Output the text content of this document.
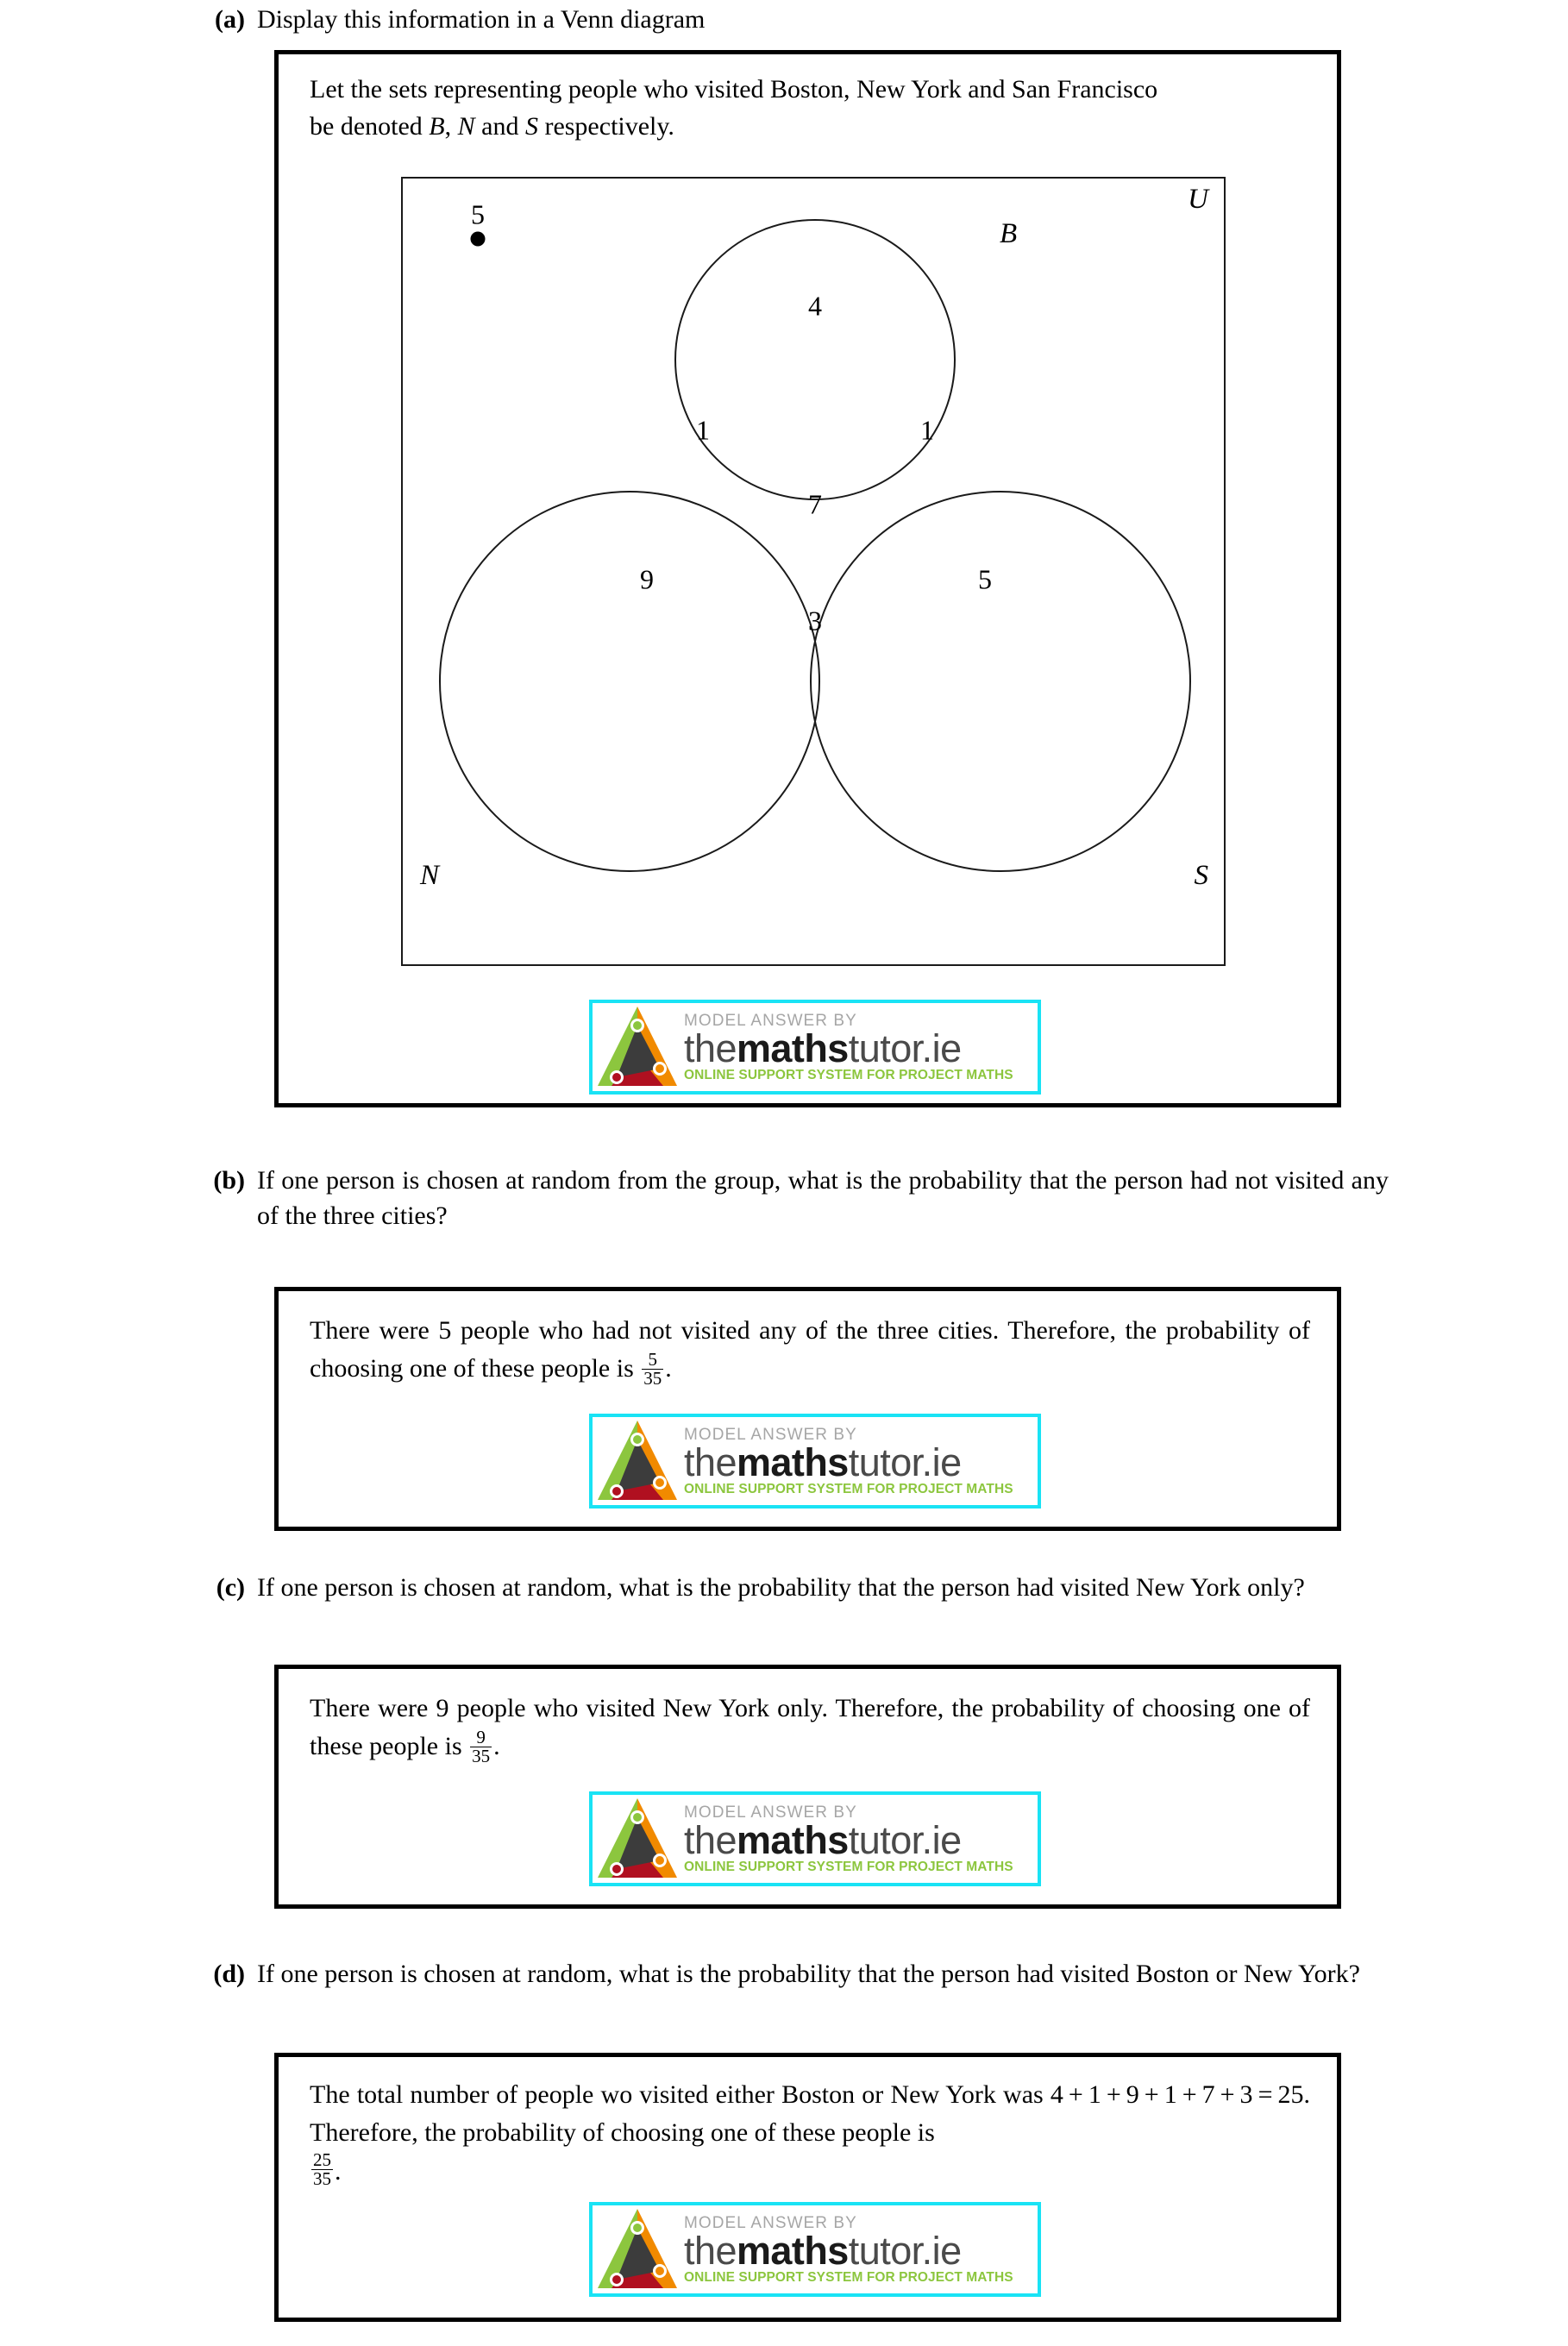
(a) Display this information in a Venn diagram
Let the sets representing people who visited Boston, New York and San Francisco
be denoted B, N and S respectively.
U
B
N	S
5
4
1	1
7
9	5
3
MODEL ANSWER BY
themathstutor.ie
ONLINE SUPPORT SYSTEM FOR PROJECT MATHS
(b) If one person is chosen at random from the group, what is the probability that the person had not visited any of the three cities?
There were 5 people who had not visited any of the three cities. Therefore, the probability of choosing one of these people is $\frac{5}{35}$ .
MODEL ANSWER BY
themathstutor.ie
ONLINE SUPPORT SYSTEM FOR PROJECT MATHS
(c) If one person is chosen at random, what is the probability that the person had visited New York only?
There were 9 people who visited New York only. Therefore, the probability of choosing one of these people is $\frac{9}{35}$ .
MODEL ANSWER BY
themathstutor.ie
ONLINE SUPPORT SYSTEM FOR PROJECT MATHS
(d) If one person is chosen at random, what is the probability that the person had visited Boston or New York?
The total number of people wo visited either Boston or New York was 4 + 1 + 9 + 1 + 7 + 3 = 25. Therefore, the probability of choosing one of these people is

$\frac{25}{35}$ .
MODEL ANSWER BY
themathstutor.ie
ONLINE SUPPORT SYSTEM FOR PROJECT MATHS
